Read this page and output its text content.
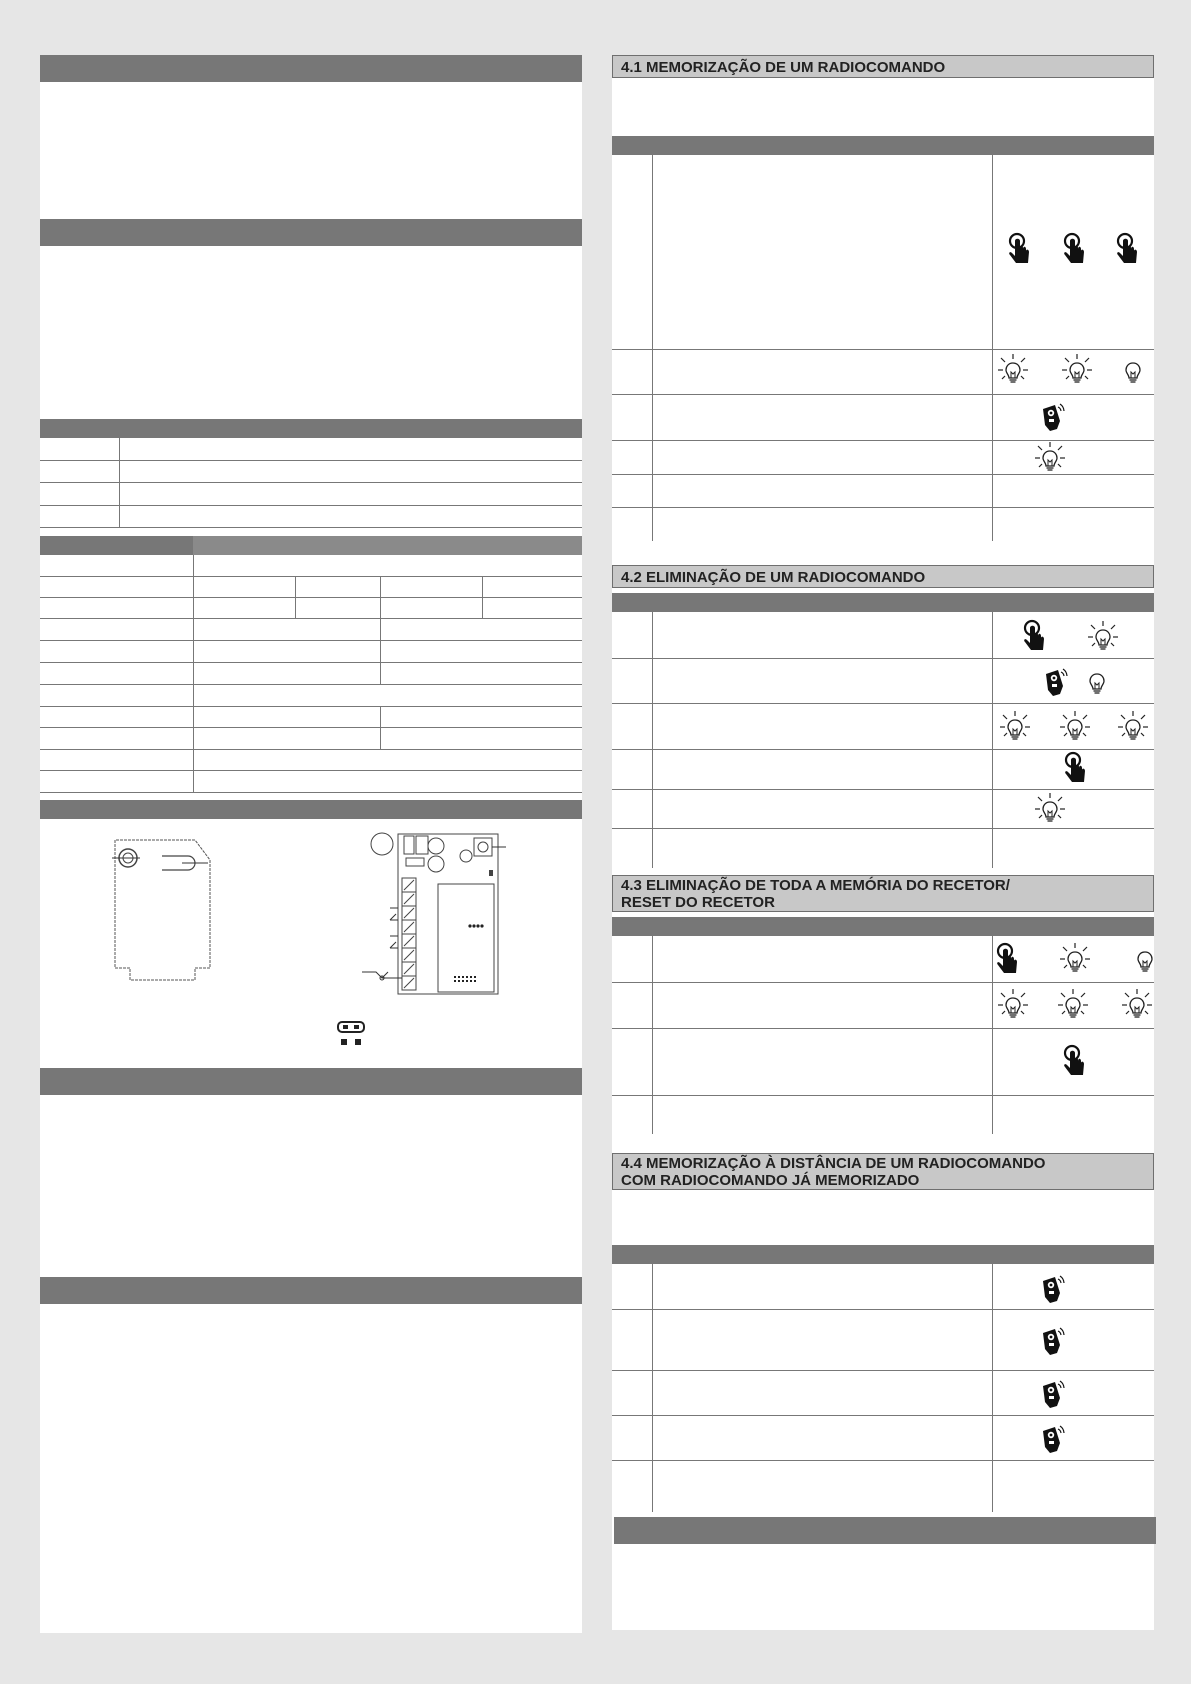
4.1 MEMORIZAÇÃO DE UM RADIOCOMANDO
4.2 ELIMINAÇÃO DE UM RADIOCOMANDO
4.3 ELIMINAÇÃO DE TODA A MEMÓRIA DO RECETOR/
RESET DO RECETOR
4.4 MEMORIZAÇÃO À DISTÂNCIA DE UM RADIOCOMANDO
COM RADIOCOMANDO JÁ MEMORIZADO
